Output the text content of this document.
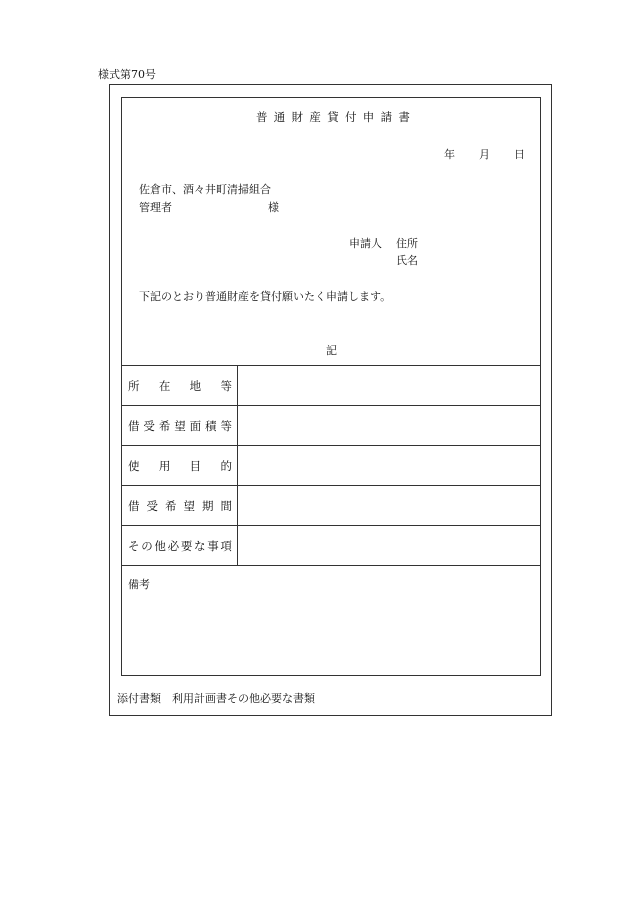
様式第70号
普通財産貸付申請書
年 月 日
佐倉市、酒々井町清掃組合
管理者	様
申請人 住所
氏名
下記のとおり普通財産を貸付願いたく申請します。
記
所 在 地 等
借 受 希 望 面 積 等
使 用 目 的
借 受 希 望 期 間
そ の 他 必 要 な 事 項
備考
添付書類　利用計画書その他必要な書類
